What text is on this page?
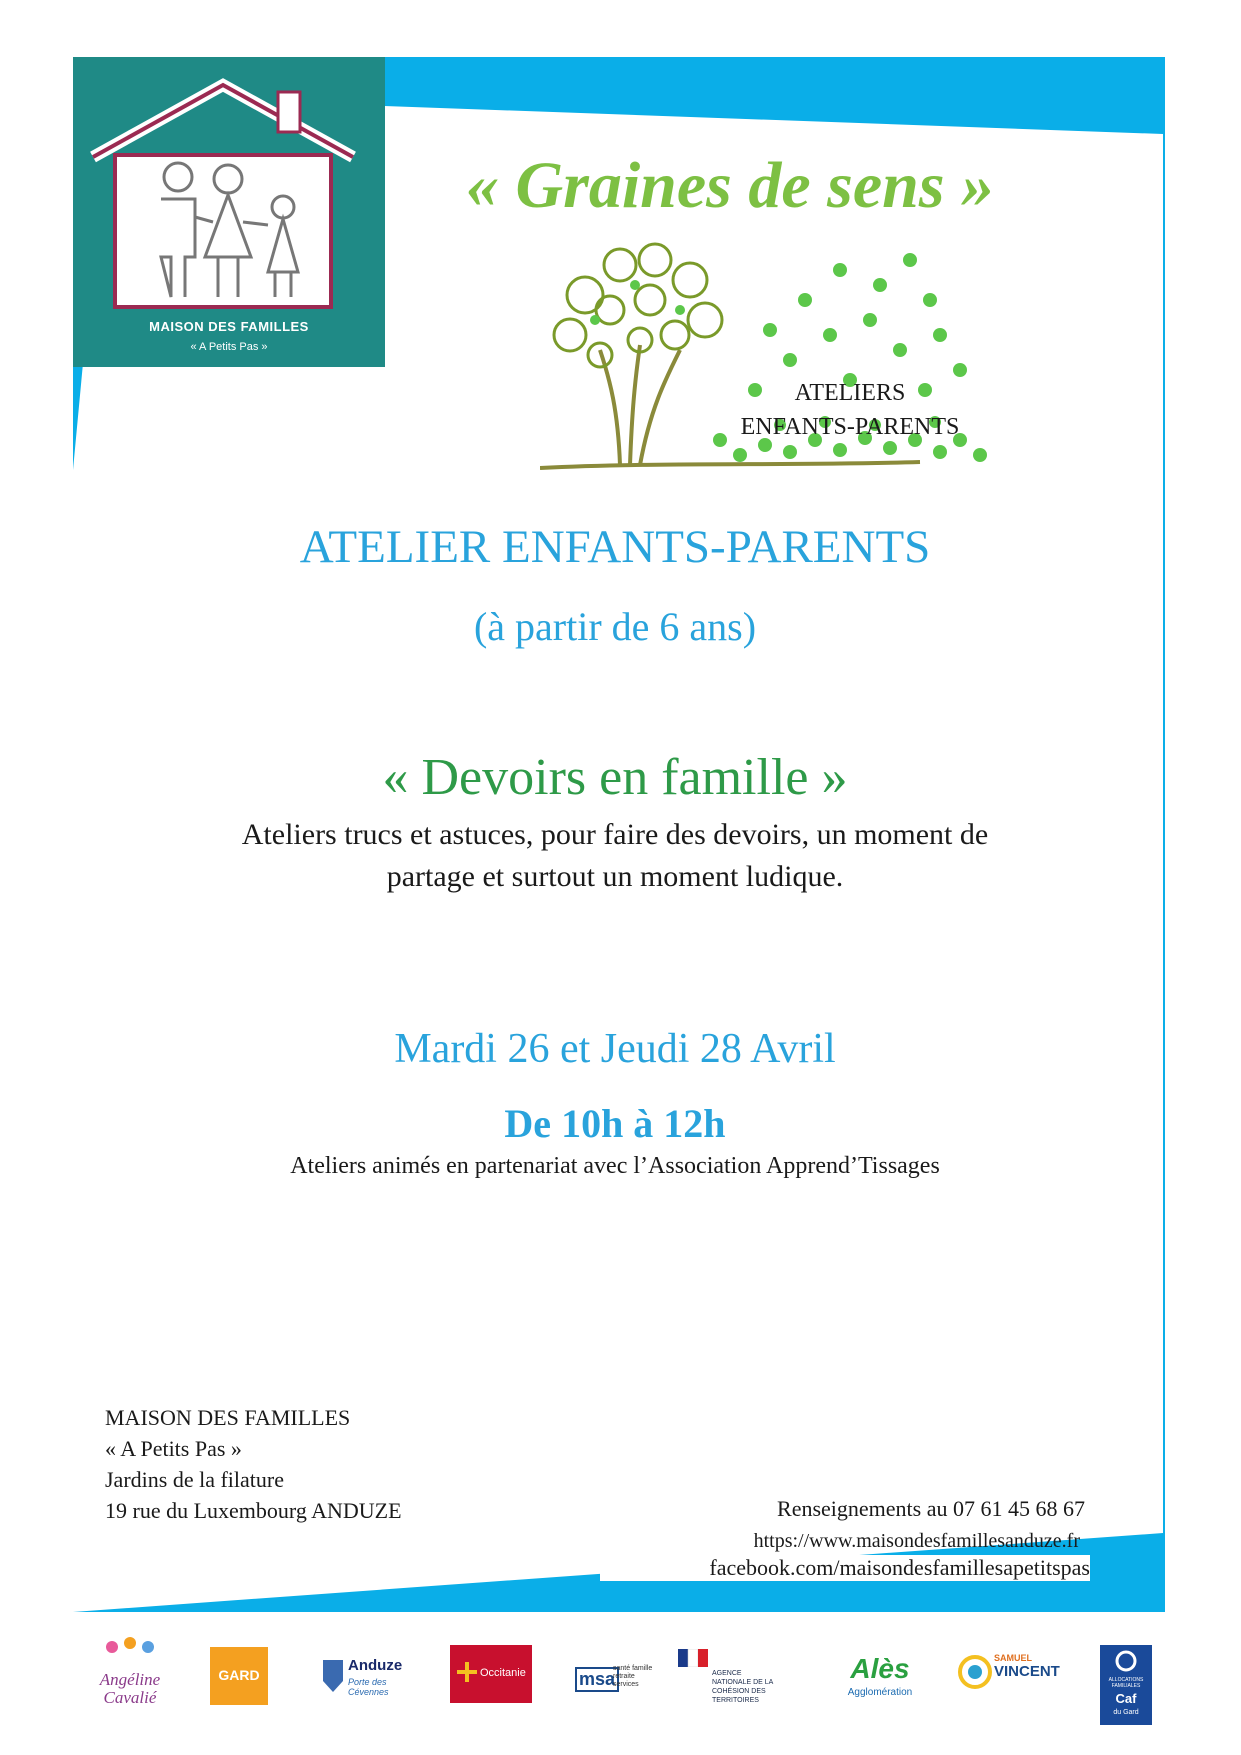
MAISON DES FAMILLES
« A Petits Pas »
« Graines de sens »
ATELIERS
ENFANTS-PARENTS
ATELIER ENFANTS-PARENTS
(à partir de 6 ans)
« Devoirs en famille »
Ateliers trucs et astuces, pour faire des devoirs, un moment de
partage et surtout un moment ludique.
Mardi 26 et Jeudi 28 Avril
De 10h à 12h
Ateliers animés en partenariat avec l’Association Apprend’Tissages
MAISON DES FAMILLES
« A Petits Pas »
Jardins de la filature
19 rue du Luxembourg ANDUZE	Renseignements au 07 61 45 68 67
https://www.maisondesfamillesanduze.fr
facebook.com/maisondesfamillesapetitspas
Angéline Cavalié
GARD
Anduze
Porte des Cévennes
Occitanie	msa
santé famille retraite services
AGENCE NATIONALE DE LA COHÉSION DES TERRITOIRES
Alès
Agglomération
SAMUEL
VINCENT	ALLOCATIONS FAMILIALES
Caf
du Gard
